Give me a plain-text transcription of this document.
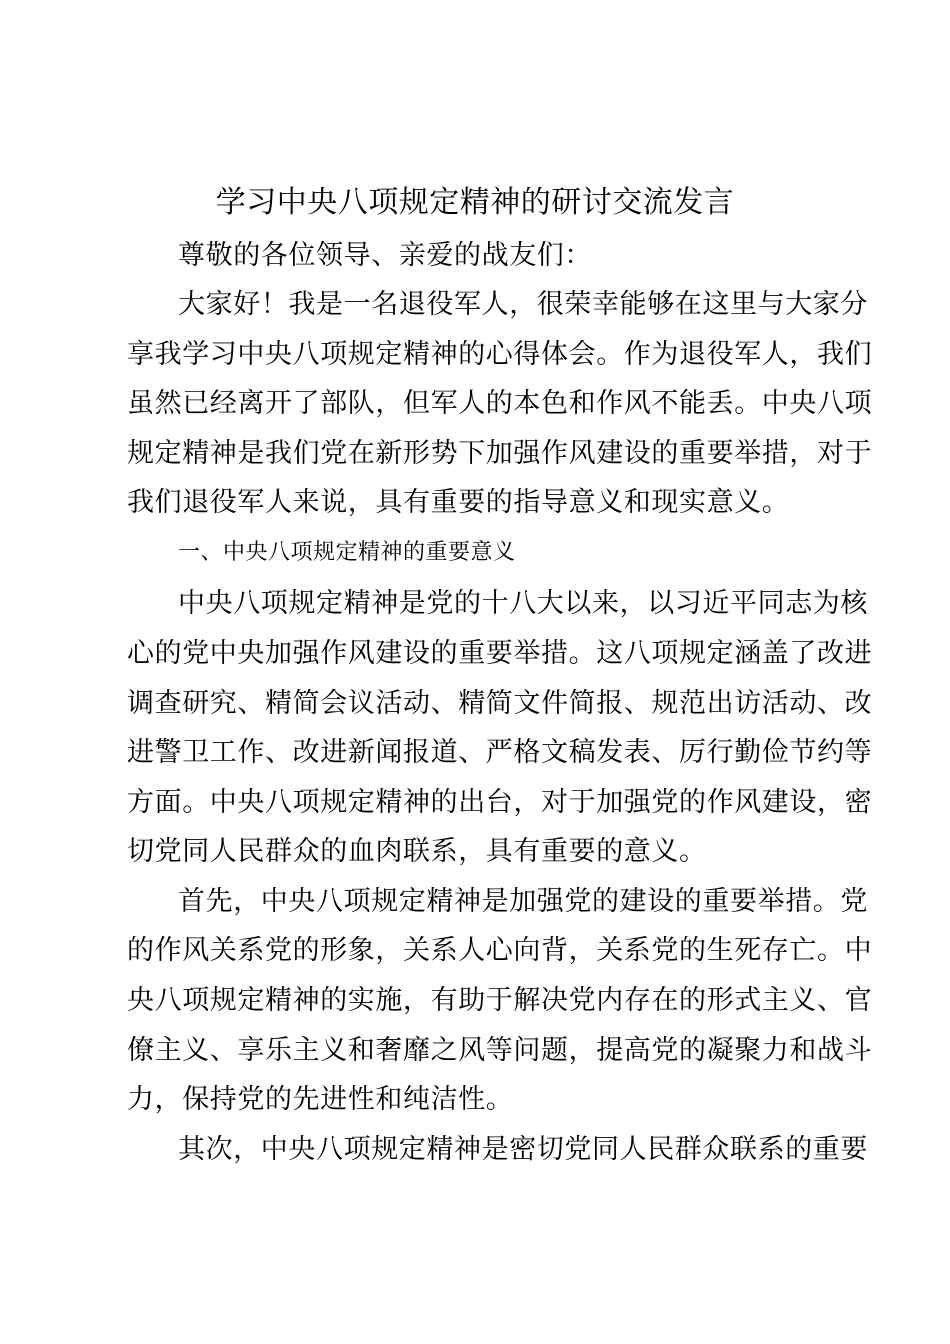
学习中央八项规定精神的研讨交流发言
尊敬的各位领导、亲爱的战友们：
大家好！我是一名退役军人，很荣幸能够在这里与大家分
享我学习中央八项规定精神的心得体会。作为退役军人，我们
虽然已经离开了部队，但军人的本色和作风不能丢。中央八项
规定精神是我们党在新形势下加强作风建设的重要举措，对于
我们退役军人来说，具有重要的指导意义和现实意义。
一、中央八项规定精神的重要意义
中央八项规定精神是党的十八大以来，以习近平同志为核
心的党中央加强作风建设的重要举措。这八项规定涵盖了改进
调查研究、精简会议活动、精简文件简报、规范出访活动、改
进警卫工作、改进新闻报道、严格文稿发表、厉行勤俭节约等
方面。中央八项规定精神的出台，对于加强党的作风建设，密
切党同人民群众的血肉联系，具有重要的意义。
首先，中央八项规定精神是加强党的建设的重要举措。党
的作风关系党的形象，关系人心向背，关系党的生死存亡。中
央八项规定精神的实施，有助于解决党内存在的形式主义、官
僚主义、享乐主义和奢靡之风等问题，提高党的凝聚力和战斗
力，保持党的先进性和纯洁性。
其次，中央八项规定精神是密切党同人民群众联系的重要
